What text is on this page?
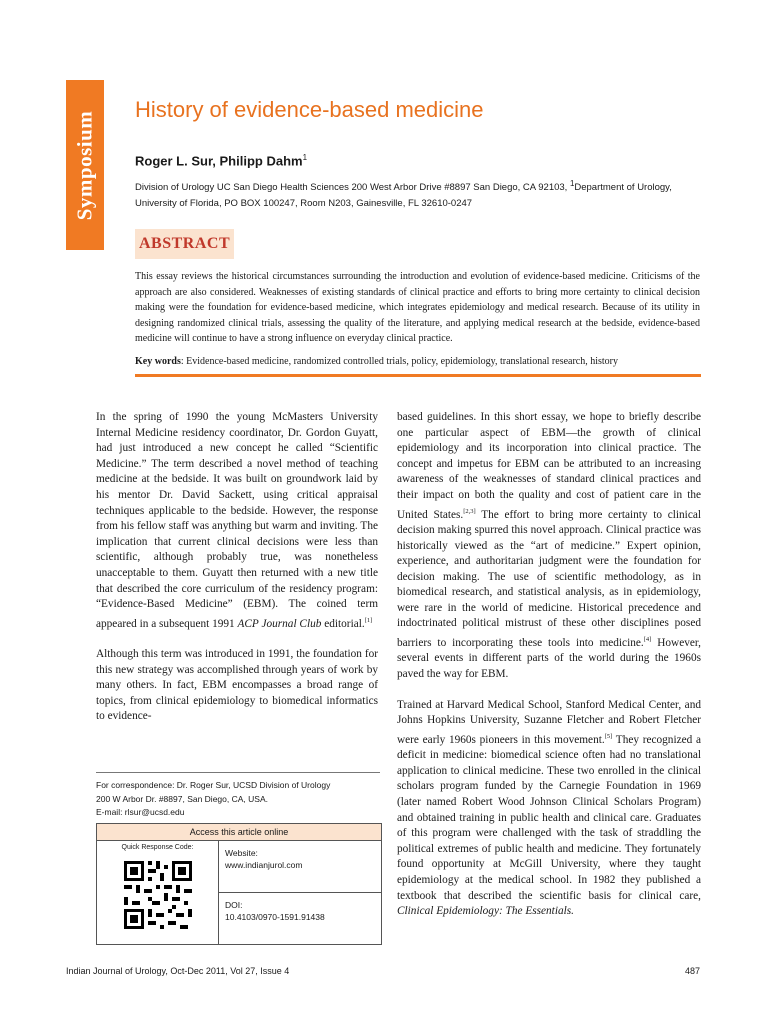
Symposium
History of evidence-based medicine
Roger L. Sur, Philipp Dahm$^1$
Division of Urology UC San Diego Health Sciences 200 West Arbor Drive #8897 San Diego, CA 92103, $^1$Department of Urology, University of Florida, PO BOX 100247, Room N203, Gainesville, FL 32610-0247
ABSTRACT

This essay reviews the historical circumstances surrounding the introduction and evolution of evidence-based medicine. Criticisms of the approach are also considered. Weaknesses of existing standards of clinical practice and efforts to bring more certainty to clinical decision making were the foundation for evidence-based medicine, which integrates epidemiology and medical research. Because of its utility in designing randomized clinical trials, assessing the quality of the literature, and applying medical research at the bedside, evidence-based medicine will continue to have a strong influence on everyday clinical practice.

Key words: Evidence-based medicine, randomized controlled trials, policy, epidemiology, translational research, history

In the spring of 1990 the young McMasters University Internal Medicine residency coordinator, Dr. Gordon Guyatt, had just introduced a new concept he called “Scientific Medicine.” The term described a novel method of teaching medicine at the bedside. It was built on groundwork laid by his mentor Dr. David Sackett, using critical appraisal techniques applicable to the bedside. However, the response from his fellow staff was anything but warm and inviting. The implication that current clinical decisions were less than scientific, although probably true, was nonetheless unacceptable to them. Guyatt then returned with a new title that described the core curriculum of the residency program: “Evidence-Based Medicine” (EBM). The coined term appeared in a subsequent 1991 ACP Journal Club editorial.[1]

Although this term was introduced in 1991, the foundation for this new strategy was accomplished through years of work by many others. In fact, EBM encompasses a broad range of topics, from clinical epidemiology to biomedical informatics to evidence-

based guidelines. In this short essay, we hope to briefly describe one particular aspect of EBM—the growth of clinical epidemiology and its incorporation into clinical practice. The concept and impetus for EBM can be attributed to an increasing awareness of the weaknesses of standard clinical practices and their impact on both the quality and cost of patient care in the United States.[2,3] The effort to bring more certainty to clinical decision making spurred this novel approach. Clinical practice was historically viewed as the “art of medicine.” Expert opinion, experience, and authoritarian judgment were the foundation for decision making. The use of scientific methodology, as in biomedical research, and statistical analysis, as in epidemiology, were rare in the world of medicine. Historical precedence and indoctrinated political mistrust of these other disciplines posed barriers to incorporating these tools into medicine.[4] However, several events in different parts of the world during the 1960s paved the way for EBM.

Trained at Harvard Medical School, Stanford Medical Center, and Johns Hopkins University, Suzanne Fletcher and Robert Fletcher were early 1960s pioneers in this movement.[5] They recognized a deficit in medicine: biomedical science often had no translational application to clinical medicine. These two enrolled in the clinical scholars program funded by the Carnegie Foundation in 1969 (later named Robert Wood Johnson Clinical Scholars Program) and obtained training in public health and clinical care. Graduates of this program were challenged with the task of straddling the political extremes of public health and medicine. They fortunately found opportunity at McGill University, where they taught epidemiology at the medical school. In 1982 they published a textbook that described the scientific basis for clinical care, Clinical Epidemiology: The Essentials.

For correspondence: Dr. Roger Sur, UCSD Division of Urology
200 W Arbor Dr. #8897, San Diego, CA, USA.
E-mail: rlsur@ucsd.edu
Access this article online
Quick Response Code:
Website:
www.indianjurol.com
DOI:
10.4103/0970-1591.91438
Indian Journal of Urology, Oct-Dec 2011, Vol 27, Issue 4	487
